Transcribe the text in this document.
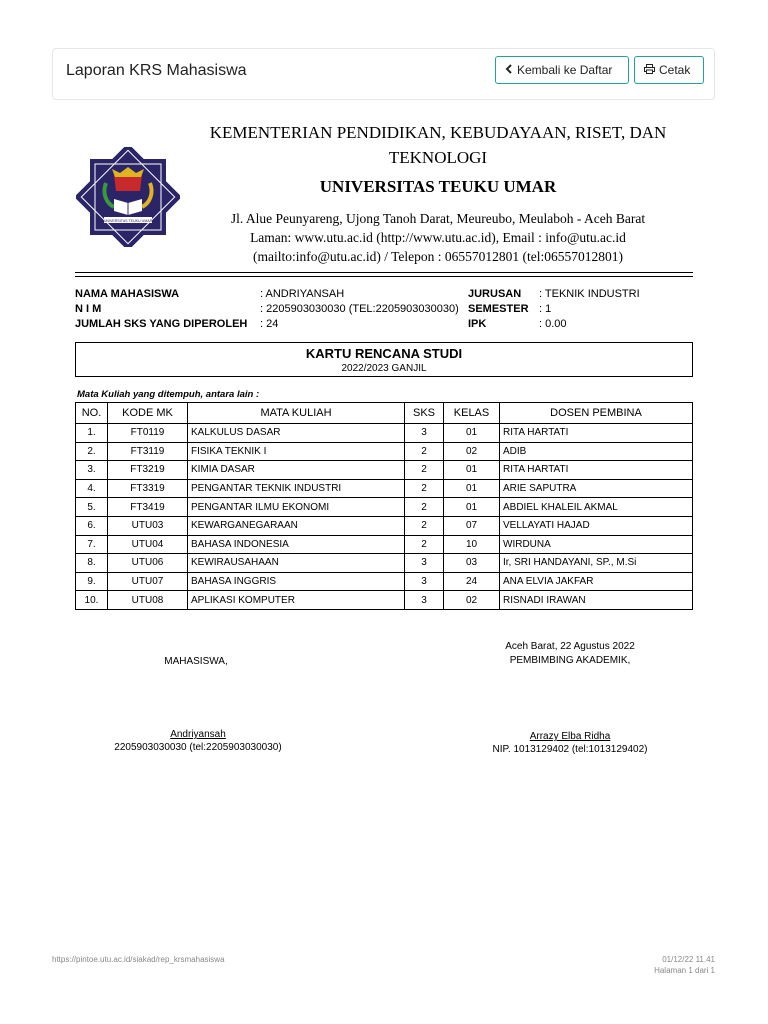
Laporan KRS Mahasiswa	Kembali ke Daftar	Cetak
UNIVERSITAS TEUKU UMAR
KEMENTERIAN PENDIDIKAN, KEBUDAYAAN, RISET, DAN TEKNOLOGI
UNIVERSITAS TEUKU UMAR
Jl. Alue Peunyareng, Ujong Tanoh Darat, Meureubo, Meulaboh - Aceh Barat
Laman: www.utu.ac.id (http://www.utu.ac.id), Email : info@utu.ac.id
(mailto:info@utu.ac.id) / Telepon : 06557012801 (tel:06557012801)
NAMA MAHASISWA	: ANDRIYANSAH
N I M	: 2205903030030 (TEL:2205903030030)
JUMLAH SKS YANG DIPEROLEH : 24
JURUSAN : TEKNIK INDUSTRI
SEMESTER : 1
IPK	: 0.00
KARTU RENCANA STUDI
2022/2023 GANJIL
Mata Kuliah yang ditempuh, antara lain :
NO.	KODE MK	MATA KULIAH	SKS	KELAS	DOSEN PEMBINA
1.	FT0119	KALKULUS DASAR	3	01	RITA HARTATI
2.	FT3119	FISIKA TEKNIK I	2	02	ADIB
3.	FT3219	KIMIA DASAR	2	01	RITA HARTATI
4.	FT3319	PENGANTAR TEKNIK INDUSTRI	2	01	ARIE SAPUTRA
5.	FT3419	PENGANTAR ILMU EKONOMI	2	01	ABDIEL KHALEIL AKMAL
6.	UTU03	KEWARGANEGARAAN	2	07	VELLAYATI HAJAD
7.	UTU04	BAHASA INDONESIA	2	10	WIRDUNA
8.	UTU06	KEWIRAUSAHAAN	3	03	Ir, SRI HANDAYANI, SP., M.Si
9.	UTU07	BAHASA INGGRIS	3	24	ANA ELVIA JAKFAR
10.	UTU08	APLIKASI KOMPUTER	3	02	RISNADI IRAWAN
Aceh Barat, 22 Agustus 2022
PEMBIMBING AKADEMIK,
MAHASISWA,
Andriyansah
2205903030030 (tel:2205903030030)
Arrazy Elba Ridha
NIP. 1013129402 (tel:1013129402)
https://pintoe.utu.ac.id/siakad/rep_krsmahasiswa	01/12/22 11.41
Halaman 1 dari 1
